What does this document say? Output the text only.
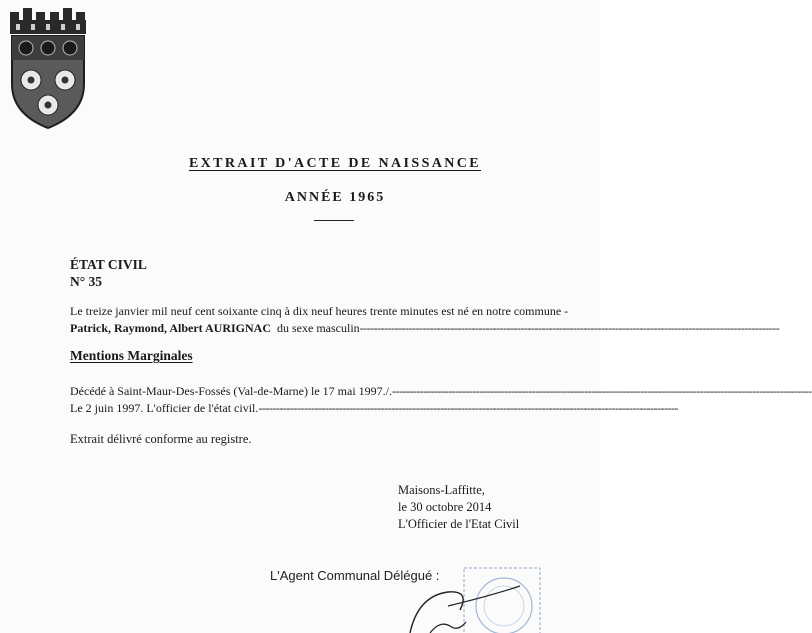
EXTRAIT D'ACTE DE NAISSANCE
ANNÉE 1965
ÉTAT CIVIL
N° 35
Le treize janvier mil neuf cent soixante cinq à dix neuf heures trente minutes est né en notre commune -
Patrick, Raymond, Albert AURIGNAC du sexe masculin------------------------------------------------------------------------------------------------------------------------
Mentions Marginales
Décédé à Saint-Maur-Des-Fossés (Val-de-Marne) le 17 mai 1997./.------------------------------------------------------------------------------------------------------------------------
Le 2 juin 1997. L'officier de l'état civil.------------------------------------------------------------------------------------------------------------------------
Extrait délivré conforme au registre.
Maisons-Laffitte,
le 30 octobre 2014
L'Officier de l'Etat Civil
L'Agent Communal Délégué :
